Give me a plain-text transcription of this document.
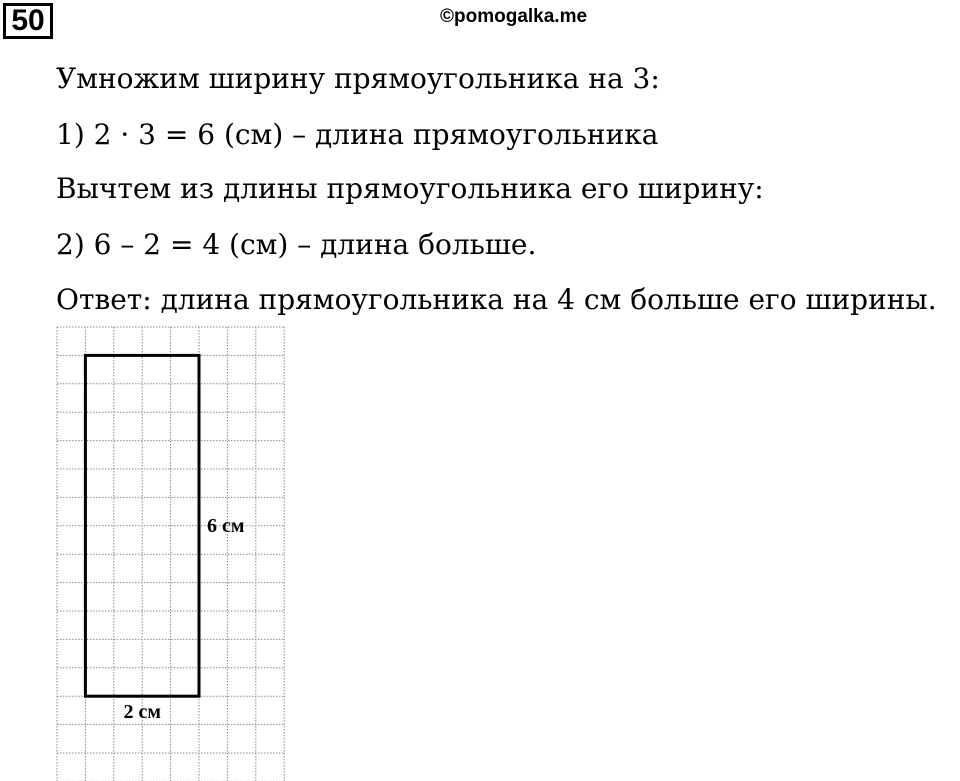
50	©pomogalka.me
Умножим ширину прямоугольника на 3:
1) 2 · 3 = 6 (см) – длина прямоугольника
Вычтем из длины прямоугольника его ширину:
2) 6 – 2 = 4 (см) – длина больше.
Ответ: длина прямоугольника на 4 см больше его ширины.
6 см
2 см
